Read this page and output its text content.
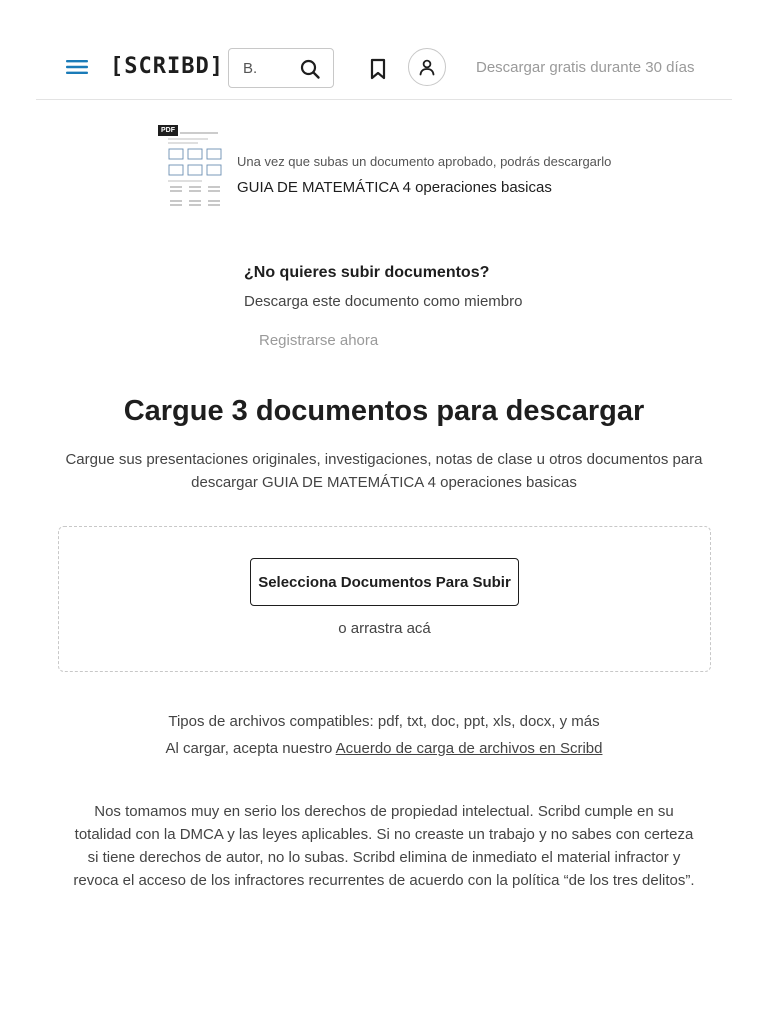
[SCRIBD]
B.	Descargar gratis durante 30 días
PDF
Una vez que subas un documento aprobado, podrás descargarlo
GUIA DE MATEMÁTICA 4 operaciones basicas
¿No quieres subir documentos?

Descarga este documento como miembro

Registrarse ahora
Cargue 3 documentos para descargar

Cargue sus presentaciones originales, investigaciones, notas de clase u otros documentos para descargar GUIA DE MATEMÁTICA 4 operaciones basicas

Selecciona Documentos Para Subir
o arrastra acá

Tipos de archivos compatibles: pdf, txt, doc, ppt, xls, docx, y más

Al cargar, acepta nuestro Acuerdo de carga de archivos en Scribd

Nos tomamos muy en serio los derechos de propiedad intelectual. Scribd cumple en su totalidad con la DMCA y las leyes aplicables. Si no creaste un trabajo y no sabes con certeza si tiene derechos de autor, no lo subas. Scribd elimina de inmediato el material infractor y revoca el acceso de los infractores recurrentes de acuerdo con la política “de los tres delitos”.
